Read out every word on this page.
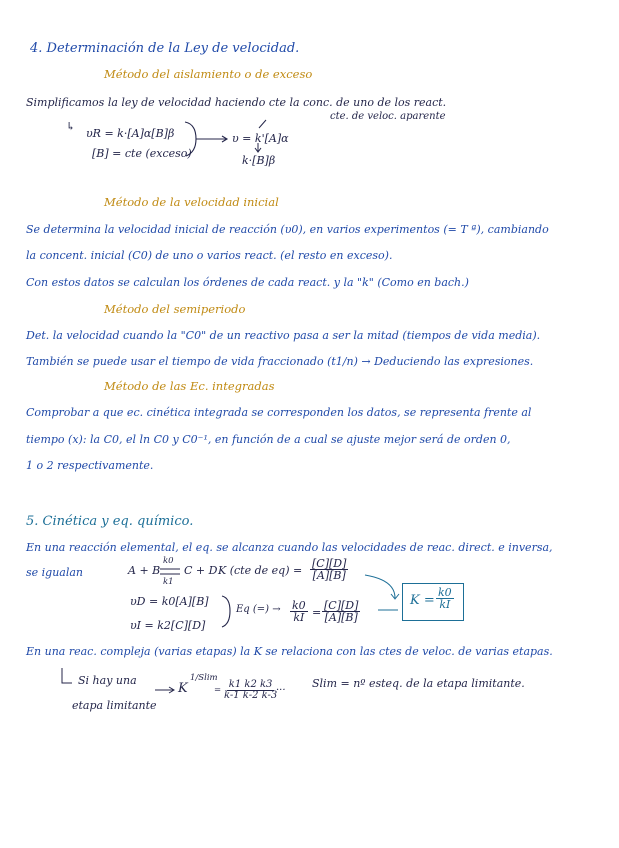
4. Determinación de la Ley de velocidad.
Método del aislamiento o de exceso
Simplificamos la ley de velocidad haciendo cte la conc. de uno de los react.
cte. de veloc. aparente
↳
υR = k·[A]α[B]β	υ = k'[A]α
[B] = cte (exceso)
k·[B]β
Método de la velocidad inicial
Se determina la velocidad inicial de reacción (υ0), en varios experimentos (= T ª), cambiando
la concent. inicial (C0) de uno o varios react. (el resto en exceso).
Con estos datos se calculan los órdenes de cada react. y la "k" (Como en bach.)
Método del semiperiodo
Det. la velocidad cuando la "C0" de un reactivo pasa a ser la mitad (tiempos de vida media).
También se puede usar el tiempo de vida fraccionado (t1/n) → Deduciendo las expresiones.
Método de las Ec. integradas
Comprobar a que ec. cinética integrada se corresponden los datos, se representa frente al
tiempo (x): la C0, el ln C0 y C0⁻¹, en función de a cual se ajuste mejor será de orden 0,
1 o 2 respectivamente.
5. Cinética y eq. químico.
En una reacción elemental, el eq. se alcanza cuando las velocidades de reac. direct. e inversa,
se igualan	A + B
k0
k1
C + D K (cte de $eq) = \frac{[C][D]}{[A][B]}$
υD = k0[A][B]
υI = k2[C][D]
Eq (=) → $\frac{k0}{kI} = \frac{[C][D]}{[A][B]}$	$K = \frac{k0}{kI}$
En una reac. compleja (varias etapas) la K se relaciona con las ctes de veloc. de varias etapas.
Si hay una
etapa limitante
K
1/Slim
= $\frac{k1 k2 k3}{k-1 k-2 k-3}$
···
Slim = nº esteq. de la etapa limitante.
